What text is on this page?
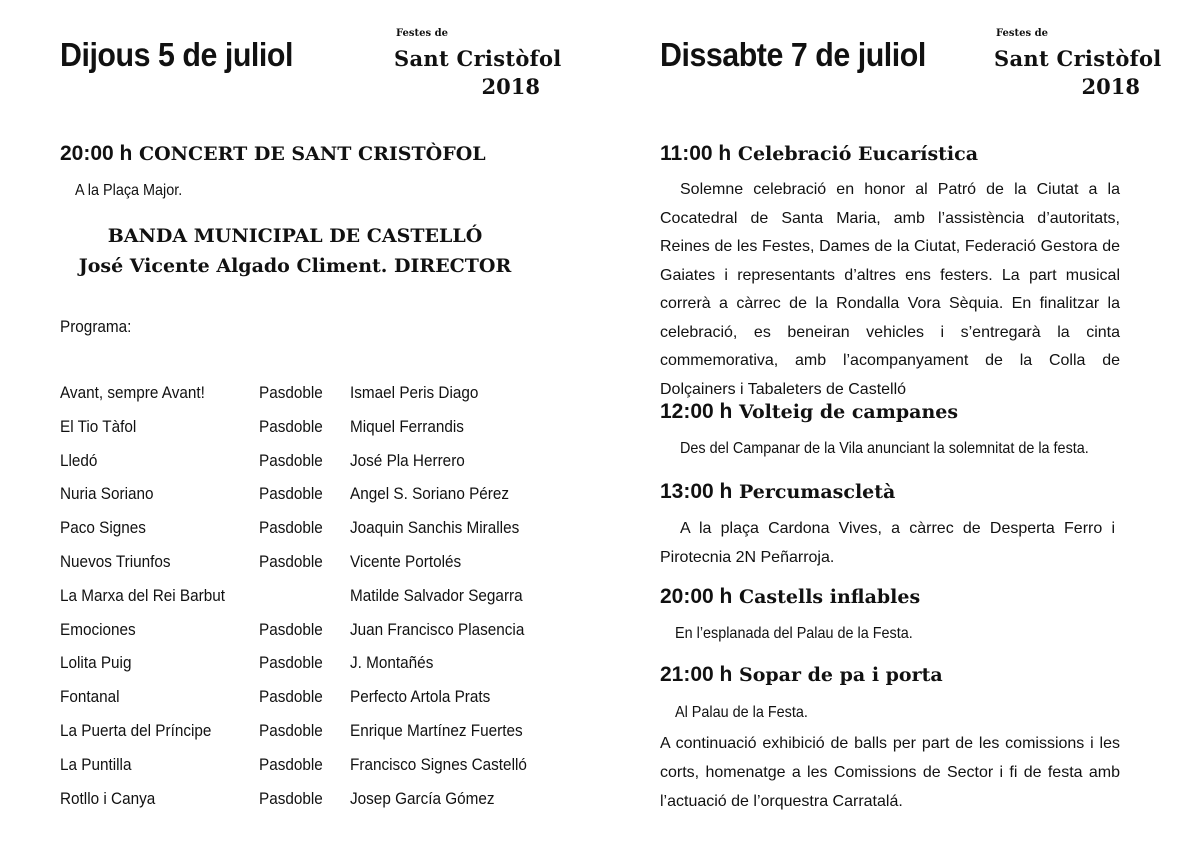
Dijous 5 de juliol
Festes de
Sant Cristòfol
2018
20:00 h CONCERT DE SANT CRISTÒFOL
A la Plaça Major.
BANDA MUNICIPAL DE CASTELLÓ
José Vicente Algado Climent. DIRECTOR
Programa:
Avant, sempre Avant!	Pasdoble Ismael Peris Diago
El Tio Tàfol	Pasdoble Miquel Ferrandis
Lledó	Pasdoble José Pla Herrero
Nuria Soriano	Pasdoble Angel S. Soriano Pérez
Paco Signes	Pasdoble Joaquin Sanchis Miralles
Nuevos Triunfos	Pasdoble Vicente Portolés
La Marxa del Rei Barbut	Matilde Salvador Segarra
Emociones	Pasdoble Juan Francisco Plasencia
Lolita Puig	Pasdoble J. Montañés
Fontanal	Pasdoble Perfecto Artola Prats
La Puerta del Príncipe	Pasdoble Enrique Martínez Fuertes
La Puntilla	Pasdoble Francisco Signes Castelló
Rotllo i Canya	Pasdoble Josep García Gómez
Dissabte 7 de juliol
Festes de
Sant Cristòfol
2018
11:00 h Celebració Eucarística
Solemne celebració en honor al Patró de la Ciutat a la Cocatedral de Santa Maria, amb l’assistència d’autoritats, Reines de les Festes, Dames de la Ciutat, Federació Gestora de Gaiates i representants d’altres ens festers. La part musical correrà a càrrec de la Rondalla Vora Sèquia. En finalitzar la celebració, es beneiran vehicles i s’entregarà la cinta commemorativa, amb l’acompanyament de la Colla de Dolçainers i Tabaleters de Castelló
12:00 h Volteig de campanes
Des del Campanar de la Vila anunciant la solemnitat de la festa.
13:00 h Percumascletà
A la plaça Cardona Vives, a càrrec de Desperta Ferro i Pirotecnia 2N Peñarroja.
20:00 h Castells inflables
En l’esplanada del Palau de la Festa.
21:00 h Sopar de pa i porta
Al Palau de la Festa.
A continuació exhibició de balls per part de les comissions i les corts, homenatge a les Comissions de Sector i fi de festa amb l’actuació de l’orquestra Carratalá.
